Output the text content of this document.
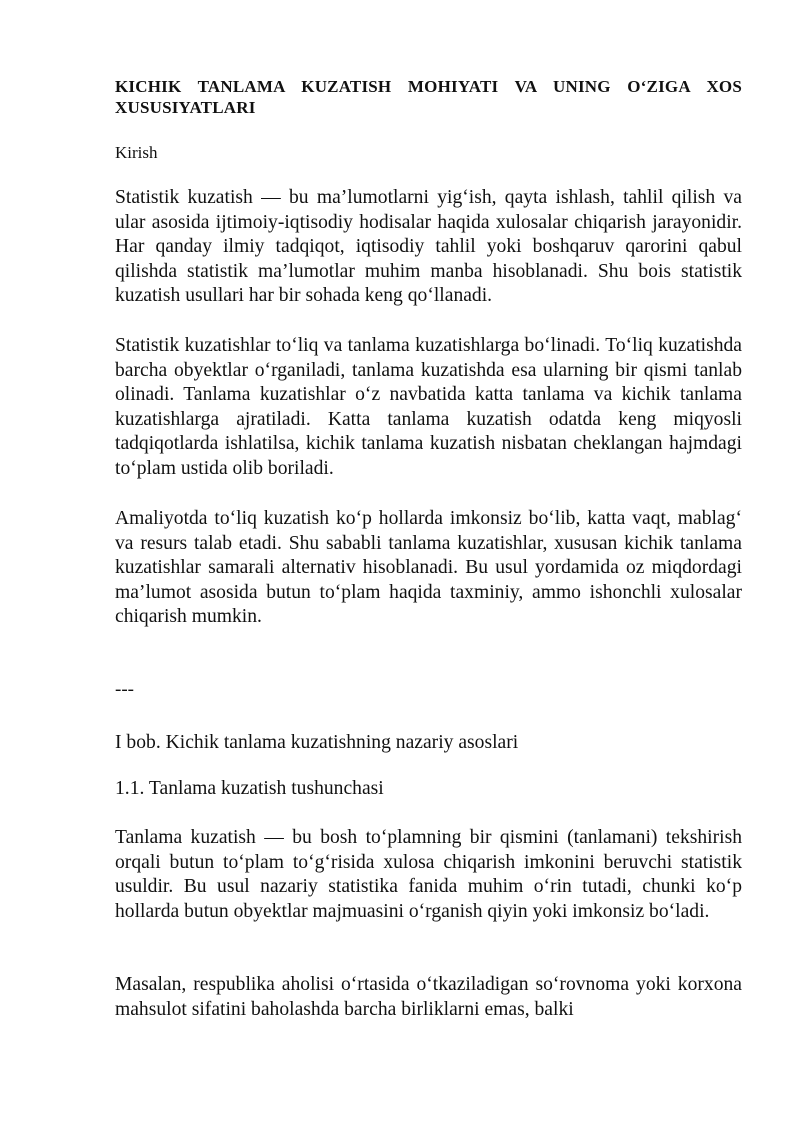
KICHIK TANLAMA KUZATISH MOHIYATI VA UNING O‘ZIGA XOS
XUSUSIYATLARI

Kirish

Statistik kuzatish — bu ma’lumotlarni yig‘ish, qayta ishlash, tahlil qilish va ular asosida ijtimoiy-iqtisodiy hodisalar haqida xulosalar chiqarish jarayonidir. Har qanday ilmiy tadqiqot, iqtisodiy tahlil yoki boshqaruv qarorini qabul qilishda statistik ma’lumotlar muhim manba hisoblanadi. Shu bois statistik kuzatish usullari har bir sohada keng qo‘llanadi.

Statistik kuzatishlar to‘liq va tanlama kuzatishlarga bo‘linadi. To‘liq kuzatishda barcha obyektlar o‘rganiladi, tanlama kuzatishda esa ularning bir qismi tanlab olinadi. Tanlama kuzatishlar o‘z navbatida katta tanlama va kichik tanlama kuzatishlarga ajratiladi. Katta tanlama kuzatish odatda keng miqyosli tadqiqotlarda ishlatilsa, kichik tanlama kuzatish nisbatan cheklangan hajmdagi to‘plam ustida olib boriladi.

Amaliyotda to‘liq kuzatish ko‘p hollarda imkonsiz bo‘lib, katta vaqt, mablag‘ va resurs talab etadi. Shu sababli tanlama kuzatishlar, xususan kichik tanlama kuzatishlar samarali alternativ hisoblanadi. Bu usul yordamida oz miqdordagi ma’lumot asosida butun to‘plam haqida taxminiy, ammo ishonchli xulosalar chiqarish mumkin.

---

I bob. Kichik tanlama kuzatishning nazariy asoslari
1.1. Tanlama kuzatish tushunchasi

Tanlama kuzatish — bu bosh to‘plamning bir qismini (tanlamani) tekshirish orqali butun to‘plam to‘g‘risida xulosa chiqarish imkonini beruvchi statistik usuldir. Bu usul nazariy statistika fanida muhim o‘rin tutadi, chunki ko‘p hollarda butun obyektlar majmuasini o‘rganish qiyin yoki imkonsiz bo‘ladi.

Masalan, respublika aholisi o‘rtasida o‘tkaziladigan so‘rovnoma yoki korxona mahsulot sifatini baholashda barcha birliklarni emas, balki
